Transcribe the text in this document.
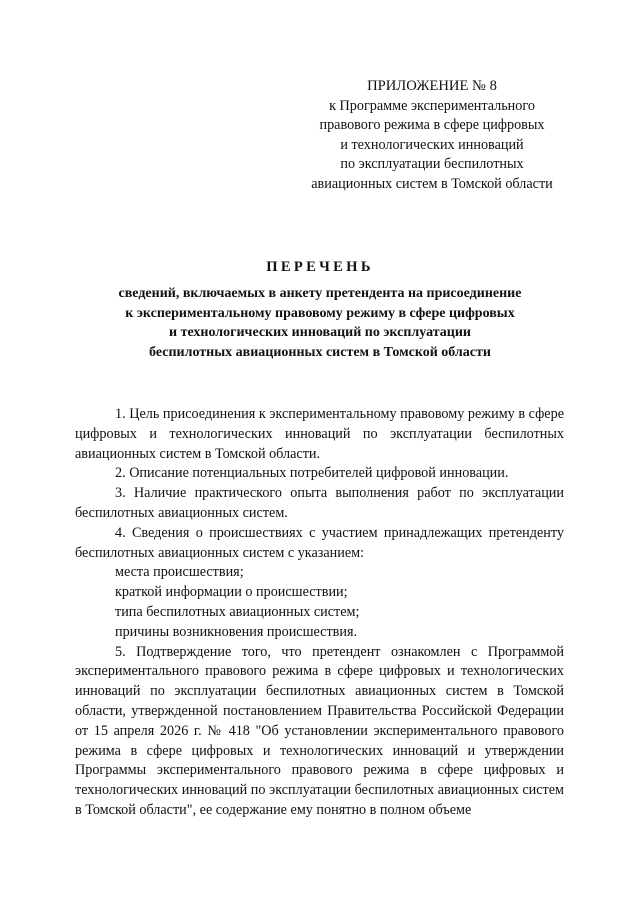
ПРИЛОЖЕНИЕ № 8
к Программе экспериментального
правового режима в сфере цифровых
и технологических инноваций
по эксплуатации беспилотных
авиационных систем в Томской области
ПЕРЕЧЕНЬ
сведений, включаемых в анкету претендента на присоединение
к экспериментальному правовому режиму в сфере цифровых
и технологических инноваций по эксплуатации
беспилотных авиационных систем в Томской области
1. Цель присоединения к экспериментальному правовому режиму в сфере цифровых и технологических инноваций по эксплуатации беспилотных авиационных систем в Томской области.
2. Описание потенциальных потребителей цифровой инновации.
3. Наличие практического опыта выполнения работ по эксплуатации беспилотных авиационных систем.
4. Сведения о происшествиях с участием принадлежащих претенденту беспилотных авиационных систем с указанием:
места происшествия;
краткой информации о происшествии;
типа беспилотных авиационных систем;
причины возникновения происшествия.
5. Подтверждение того, что претендент ознакомлен с Программой экспериментального правового режима в сфере цифровых и технологических инноваций по эксплуатации беспилотных авиационных систем в Томской области, утвержденной постановлением Правительства Российской Федерации от 15 апреля 2026 г. № 418 "Об установлении экспериментального правового режима в сфере цифровых и технологических инноваций и утверждении Программы экспериментального правового режима в сфере цифровых и технологических инноваций по эксплуатации беспилотных авиационных систем в Томской области", ее содержание ему понятно в полном объеме
